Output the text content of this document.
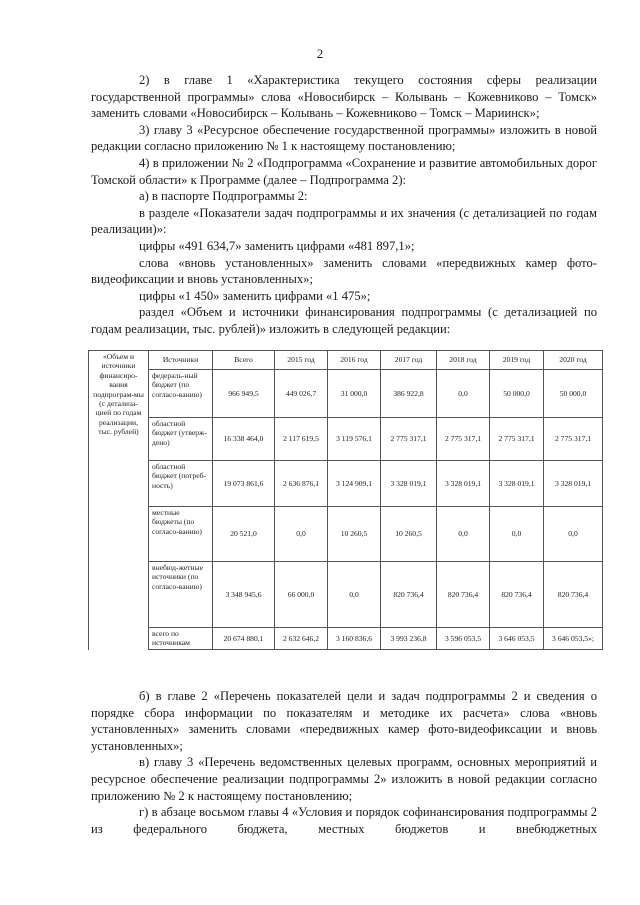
2

2) в главе 1 «Характеристика текущего состояния сферы реализации государственной программы» слова «Новосибирск – Колывань – Кожевниково – Томск» заменить словами «Новосибирск – Колывань – Кожевниково – Томск – Мариинск»;

3) главу 3 «Ресурсное обеспечение государственной программы» изложить в новой редакции согласно приложению № 1 к настоящему постановлению;

4) в приложении № 2 «Подпрограмма «Сохранение и развитие автомобильных дорог Томской области» к Программе (далее – Подпрограмма 2):

а) в паспорте Подпрограммы 2:

в разделе «Показатели задач подпрограммы и их значения (с детализацией по годам реализации)»:

цифры «491 634,7» заменить цифрами «481 897,1»;

слова «вновь установленных» заменить словами «передвижных камер фото-видеофиксации и вновь установленных»;

цифры «1 450» заменить цифрами «1 475»;

раздел «Объем и источники финансирования подпрограммы (с детализацией по годам реализации, тыс. рублей)» изложить в следующей редакции:

«Объем и источники финансиро-вания подпрограм-мы (с детализа-цией по годам реализации, тыс. рублей)	Источники	Всего	2015 год	2016 год	2017 год	2018 год	2019 год	2020 год
	федераль-ный бюджет (по согласо-ванию)	966 949,5	449 026,7	31 000,0	386 922,8	0,0	50 000,0	50 000,0
	областной бюджет (утверж-дено)	16 338 464,0	2 117 619,5	3 119 576,1	2 775 317,1	2 775 317,1	2 775 317,1	2 775 317,1
	областной бюджет (потреб-ность)	19 073 861,6	2 636 876,1	3 124 909,1	3 328 019,1	3 328 019,1	3 328 019,1	3 328 019,1
	местные бюджеты (по согласо-ванию)	20 521,0	0,0	10 260,5	10 260,5	0,0	0,0	0,0
	внебюд-жетные источники (по согласо-ванию)	3 348 945,6	66 000,0	0,0	820 736,4	820 736,4	820 736,4	820 736,4
	всего по источникам	20 674 880,1	2 632 646,2	3 160 836,6	3 993 236,8	3 596 053,5	3 646 053,5	3 646 053,5»;

б) в главе 2 «Перечень показателей цели и задач подпрограммы 2 и сведения о порядке сбора информации по показателям и методике их расчета» слова «вновь установленных» заменить словами «передвижных камер фото-видеофиксации и вновь установленных»;

в) главу 3 «Перечень ведомственных целевых программ, основных мероприятий и ресурсное обеспечение реализации подпрограммы 2» изложить в новой редакции согласно приложению № 2 к настоящему постановлению;

г) в абзаце восьмом главы 4 «Условия и порядок софинансирования подпрограммы 2 из федерального бюджета, местных бюджетов и внебюджетных
